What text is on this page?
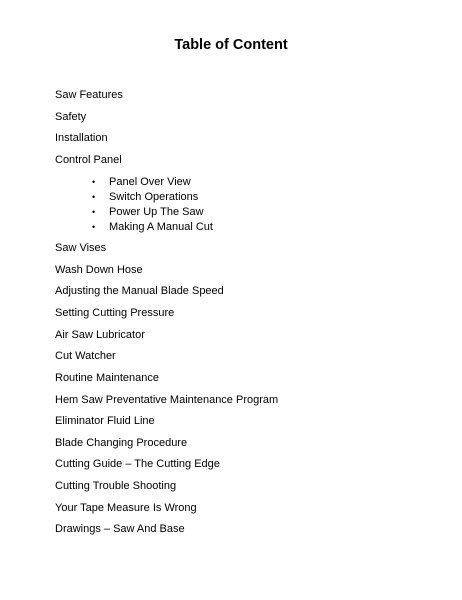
Table of Content
Saw Features
Safety
Installation
Control Panel
• Panel Over View
• Switch Operations
• Power Up The Saw
• Making A Manual Cut
Saw Vises
Wash Down Hose
Adjusting the Manual Blade Speed
Setting Cutting Pressure
Air Saw Lubricator
Cut Watcher
Routine Maintenance
Hem Saw Preventative Maintenance Program
Eliminator Fluid Line
Blade Changing Procedure
Cutting Guide – The Cutting Edge
Cutting Trouble Shooting
Your Tape Measure Is Wrong
Drawings – Saw And Base
